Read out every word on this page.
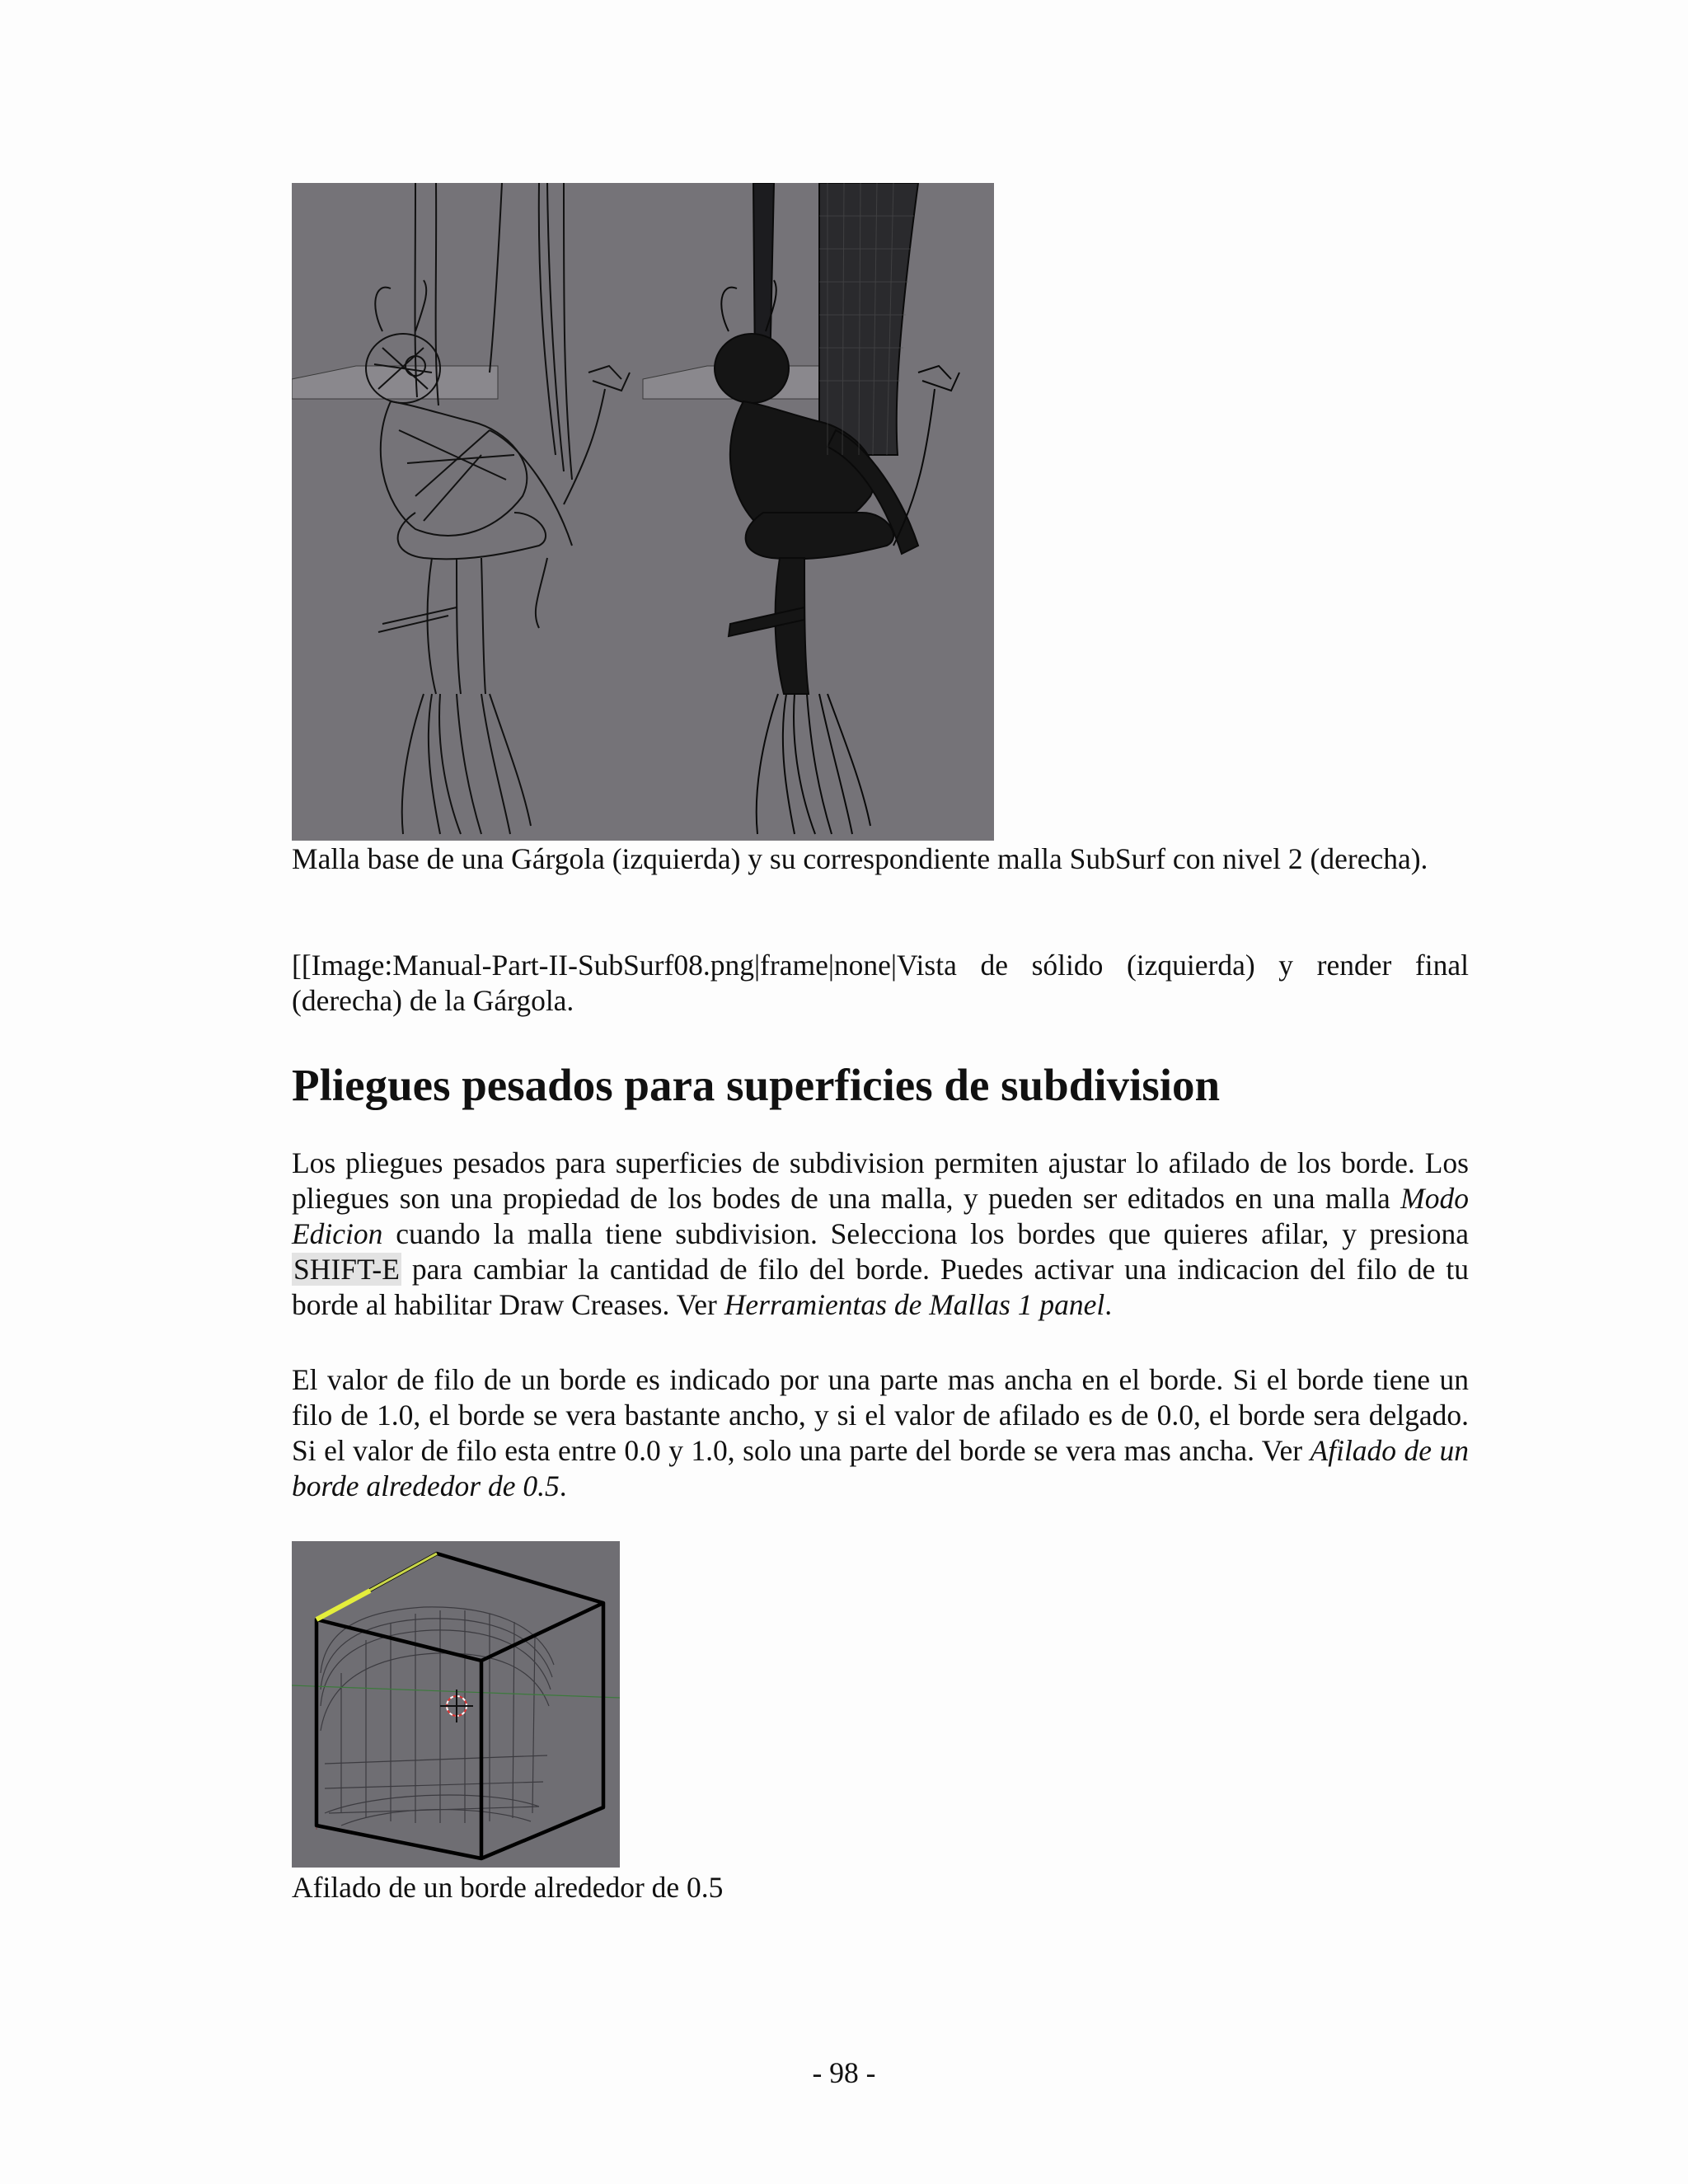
Malla base de una Gárgola (izquierda) y su correspondiente malla SubSurf con nivel 2 (derecha).

[[Image:Manual-Part-II-SubSurf08.png|frame|none|Vista de sólido (izquierda) y render final (derecha) de la Gárgola.

Pliegues pesados para superficies de subdivision

Los pliegues pesados para superficies de subdivision permiten ajustar lo afilado de los borde. Los pliegues son una propiedad de los bodes de una malla, y pueden ser editados en una malla Modo Edicion cuando la malla tiene subdivision. Selecciona los bordes que quieres afilar, y presiona SHIFT-E para cambiar la cantidad de filo del borde. Puedes activar una indicacion del filo de tu borde al habilitar Draw Creases. Ver Herramientas de Mallas 1 panel.

El valor de filo de un borde es indicado por una parte mas ancha en el borde. Si el borde tiene un filo de 1.0, el borde se vera bastante ancho, y si el valor de afilado es de 0.0, el borde sera delgado. Si el valor de filo esta entre 0.0 y 1.0, solo una parte del borde se vera mas ancha. Ver Afilado de un borde alrededor de 0.5.

Afilado de un borde alrededor de 0.5

- 98 -
